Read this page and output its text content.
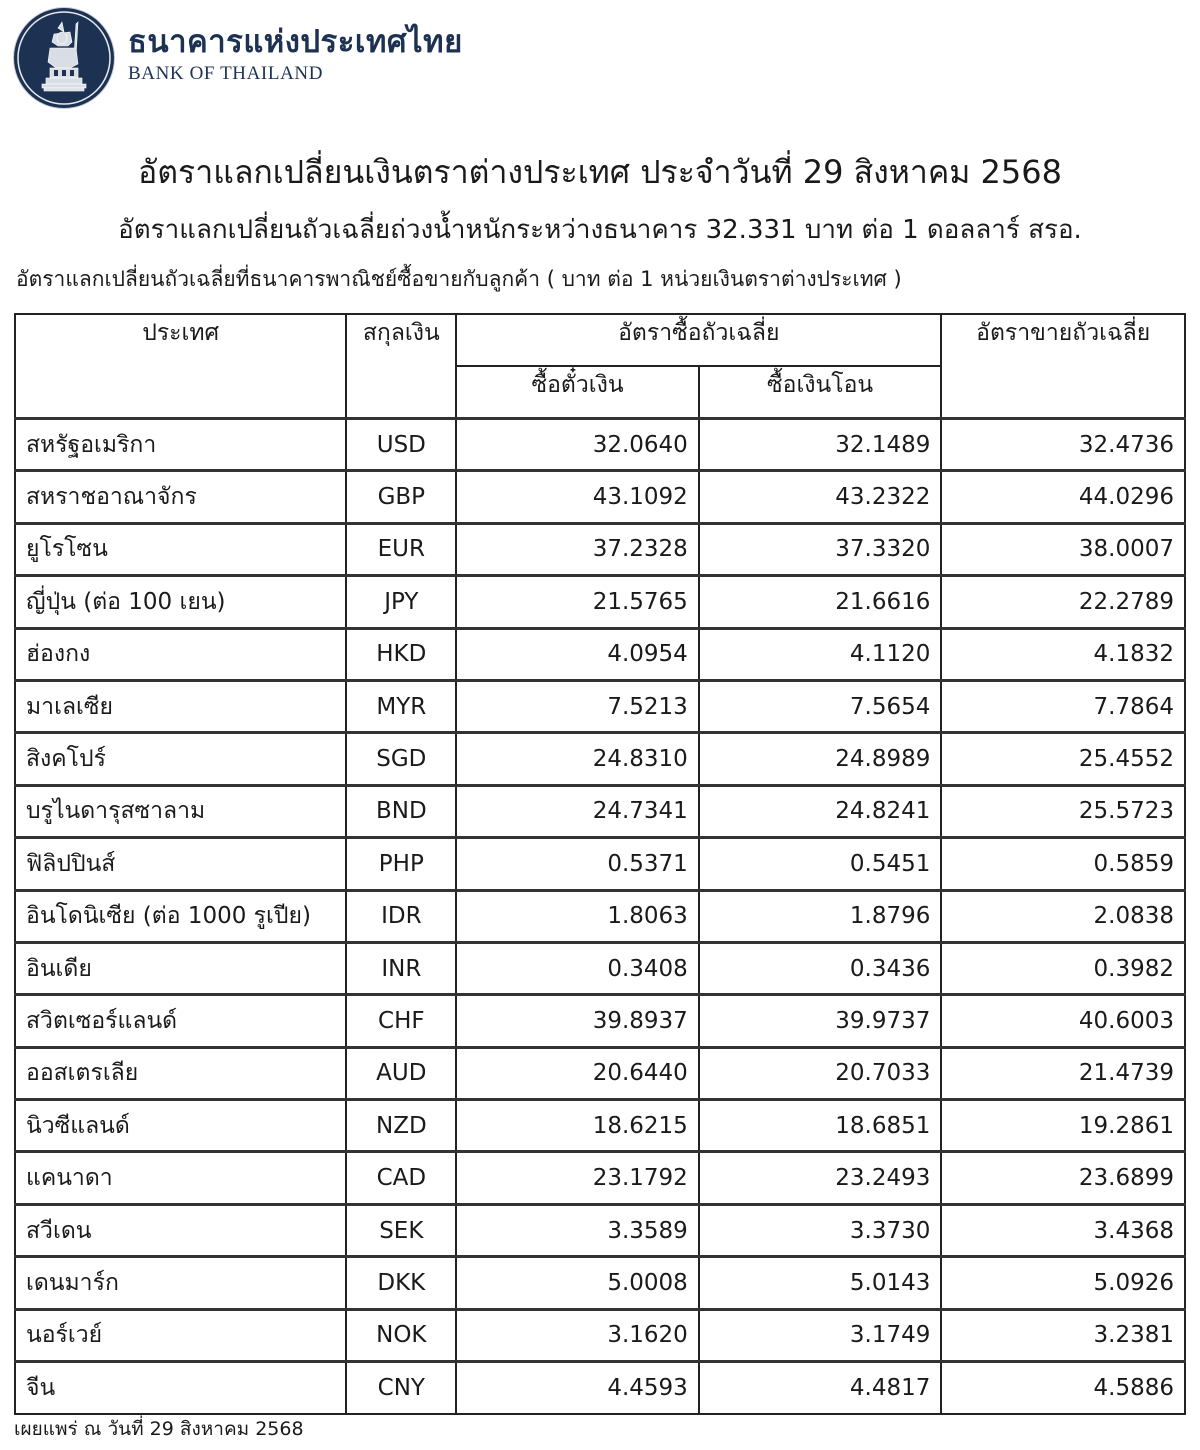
ธนาคารแห่งประเทศไทย
BANK OF THAILAND
อัตราแลกเปลี่ยนเงินตราต่างประเทศ ประจำวันที่ 29 สิงหาคม 2568
อัตราแลกเปลี่ยนถัวเฉลี่ยถ่วงน้ำหนักระหว่างธนาคาร 32.331 บาท ต่อ 1 ดอลลาร์ สรอ.
อัตราแลกเปลี่ยนถัวเฉลี่ยที่ธนาคารพาณิชย์ซื้อขายกับลูกค้า ( บาท ต่อ 1 หน่วยเงินตราต่างประเทศ )
ประเทศ	สกุลเงิน	อัตราซื้อถัวเฉลี่ย		อัตราขายถัวเฉลี่ย
		ซื้อตั๋วเงิน	ซื้อเงินโอน	
สหรัฐอเมริกา	USD	32.0640	32.1489	32.4736
สหราชอาณาจักร	GBP	43.1092	43.2322	44.0296
ยูโรโซน	EUR	37.2328	37.3320	38.0007
ญี่ปุ่น (ต่อ 100 เยน)	JPY	21.5765	21.6616	22.2789
ฮ่องกง	HKD	4.0954	4.1120	4.1832
มาเลเซีย	MYR	7.5213	7.5654	7.7864
สิงคโปร์	SGD	24.8310	24.8989	25.4552
บรูไนดารุสซาลาม	BND	24.7341	24.8241	25.5723
ฟิลิปปินส์	PHP	0.5371	0.5451	0.5859
อินโดนิเซีย (ต่อ 1000 รูเปีย)	IDR	1.8063	1.8796	2.0838
อินเดีย	INR	0.3408	0.3436	0.3982
สวิตเซอร์แลนด์	CHF	39.8937	39.9737	40.6003
ออสเตรเลีย	AUD	20.6440	20.7033	21.4739
นิวซีแลนด์	NZD	18.6215	18.6851	19.2861
แคนาดา	CAD	23.1792	23.2493	23.6899
สวีเดน	SEK	3.3589	3.3730	3.4368
เดนมาร์ก	DKK	5.0008	5.0143	5.0926
นอร์เวย์	NOK	3.1620	3.1749	3.2381
จีน	CNY	4.4593	4.4817	4.5886
เผยแพร่ ณ วันที่ 29 สิงหาคม 2568
